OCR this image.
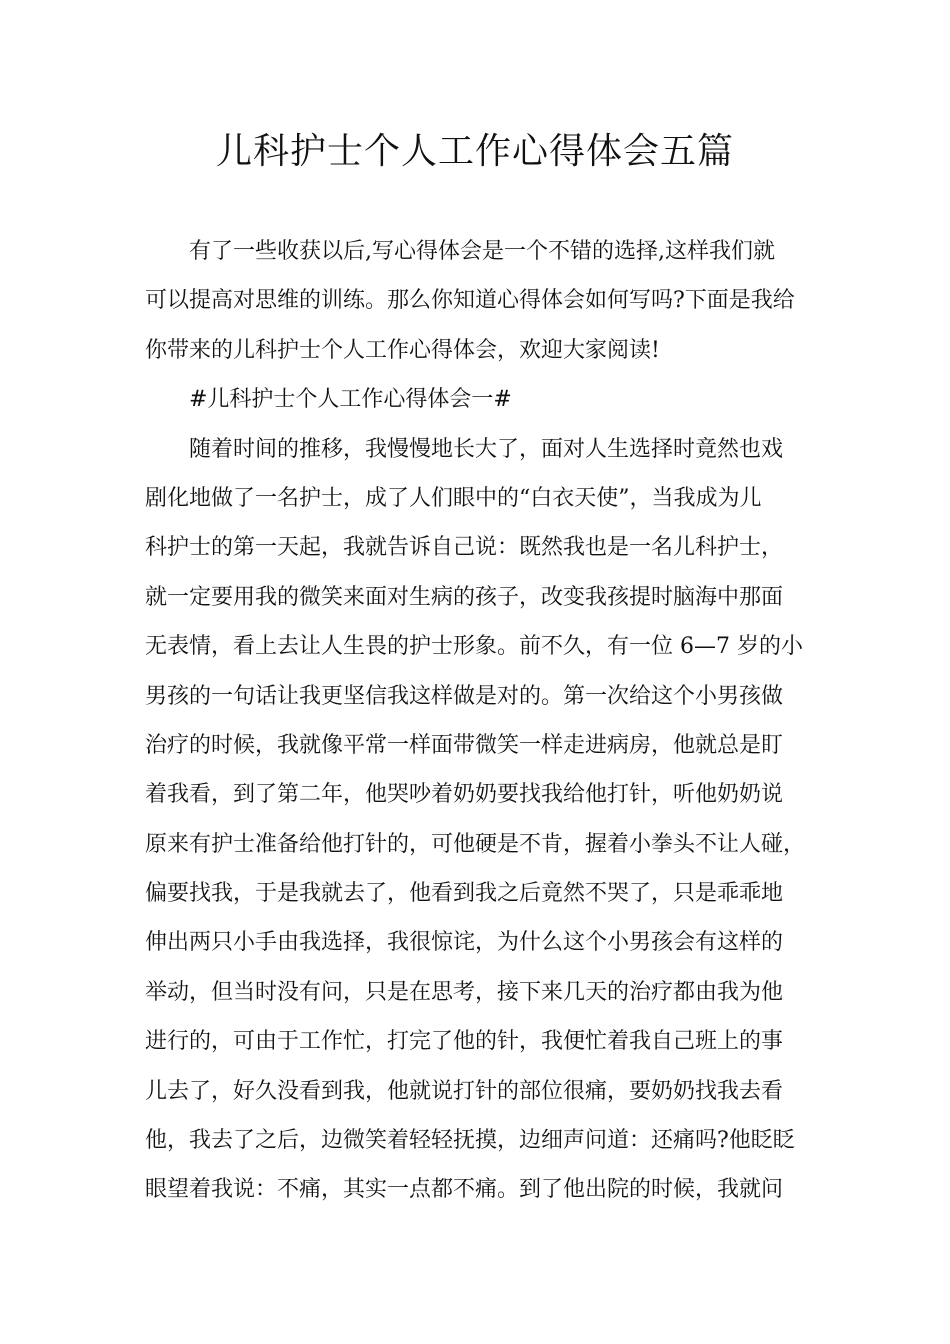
儿科护士个人工作心得体会五篇
有了一些收获以后,写心得体会是一个不错的选择,这样我们就
可以提高对思维的训练。那么你知道心得体会如何写吗?下面是我给
你带来的儿科护士个人工作心得体会，欢迎大家阅读!
#儿科护士个人工作心得体会一#
随着时间的推移，我慢慢地长大了，面对人生选择时竟然也戏
剧化地做了一名护士，成了人们眼中的“白衣天使”，当我成为儿
科护士的第一天起，我就告诉自己说：既然我也是一名儿科护士，
就一定要用我的微笑来面对生病的孩子，改变我孩提时脑海中那面
无表情，看上去让人生畏的护士形象。前不久，有一位 6—7 岁的小
男孩的一句话让我更坚信我这样做是对的。第一次给这个小男孩做
治疗的时候，我就像平常一样面带微笑一样走进病房，他就总是盯
着我看，到了第二年，他哭吵着奶奶要找我给他打针，听他奶奶说
原来有护士准备给他打针的，可他硬是不肯，握着小拳头不让人碰，
偏要找我，于是我就去了，他看到我之后竟然不哭了，只是乖乖地
伸出两只小手由我选择，我很惊诧，为什么这个小男孩会有这样的
举动，但当时没有问，只是在思考，接下来几天的治疗都由我为他
进行的，可由于工作忙，打完了他的针，我便忙着我自己班上的事
儿去了，好久没看到我，他就说打针的部位很痛，要奶奶找我去看
他，我去了之后，边微笑着轻轻抚摸，边细声问道：还痛吗?他眨眨
眼望着我说：不痛，其实一点都不痛。到了他出院的时候，我就问
